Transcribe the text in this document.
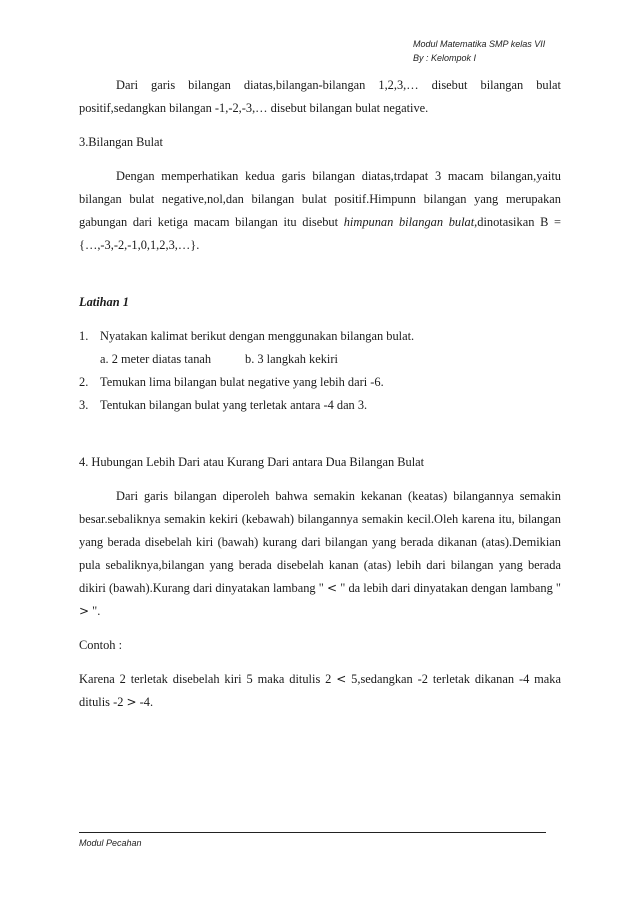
Modul Matematika SMP kelas VII
By : Kelompok I

Dari garis bilangan diatas,bilangan-bilangan 1,2,3,… disebut bilangan bulat positif,sedangkan bilangan -1,-2,-3,… disebut bilangan bulat negative.

3.Bilangan Bulat

Dengan memperhatikan kedua garis bilangan diatas,trdapat 3 macam bilangan,yaitu bilangan bulat negative,nol,dan bilangan bulat positif.Himpunn bilangan yang merupakan gabungan dari ketiga macam bilangan itu disebut himpunan bilangan bulat,dinotasikan B = {…,-3,-2,-1,0,1,2,3,…}.

Latihan 1

1. Nyatakan kalimat berikut dengan menggunakan bilangan bulat.
a. 2 meter diatas tanah	b. 3 langkah kekiri
2. Temukan lima bilangan bulat negative yang lebih dari -6.
3. Tentukan bilangan bulat yang terletak antara -4 dan 3.

4. Hubungan Lebih Dari atau Kurang Dari antara Dua Bilangan Bulat

Dari garis bilangan diperoleh bahwa semakin kekanan (keatas) bilangannya semakin besar.sebaliknya semakin kekiri (kebawah) bilangannya semakin kecil.Oleh karena itu, bilangan yang berada disebelah kiri (bawah) kurang dari bilangan yang berada dikanan (atas).Demikian pula sebaliknya,bilangan yang berada disebelah kanan (atas) lebih dari bilangan yang berada dikiri (bawah).Kurang dari dinyatakan lambang " < " da lebih dari dinyatakan dengan lambang " > ".

Contoh :

Karena 2 terletak disebelah kiri 5 maka ditulis 2 < 5,sedangkan -2 terletak dikanan -4 maka ditulis -2 > -4.

Modul Pecahan
